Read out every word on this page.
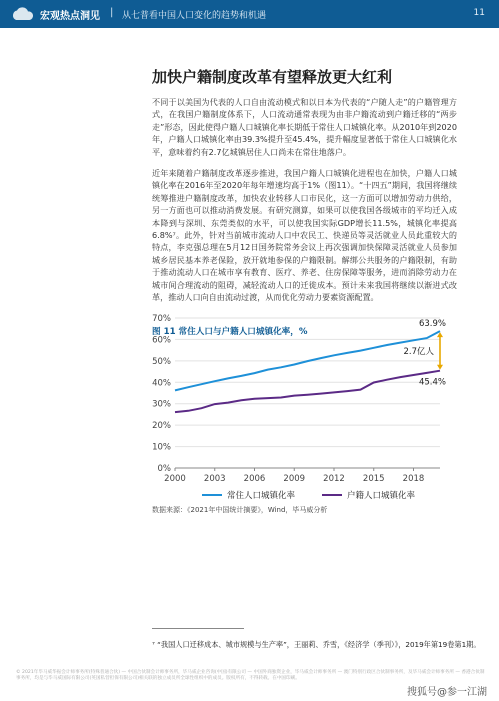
宏观热点洞见 | 从七普看中国人口变化的趋势和机遇	11
加快户籍制度改革有望释放更大红利

不同于以美国为代表的人口自由流动模式和以日本为代表的“户随人走”的户籍管理方式，在我国户籍制度体系下，人口流动通常表现为由非户籍流动到户籍迁移的“两步走”形态，因此使得户籍人口城镇化率长期低于常住人口城镇化率。从2010年到2020年，户籍人口城镇化率由39.3%提升至45.4%，提升幅度显著低于常住人口城镇化水平，意味着约有2.7亿城镇居住人口尚未在常住地落户。

近年来随着户籍制度改革逐步推进，我国户籍人口城镇化进程也在加快，户籍人口城镇化率在2016年至2020年每年增速均高于1%（图11）。“十四五”期间，我国将继续统筹推进户籍制度改革，加快农业转移人口市民化，这一方面可以增加劳动力供给，另一方面也可以推动消费发展。有研究测算，如果可以使我国各级城市的平均迁入成本降到与深圳、东莞类似的水平，可以使我国实际GDP增长11.5%，城镇化率提高6.8%⁷。此外，针对当前城市流动人口中农民工、快递员等灵活就业人员此重较大的特点，李克强总理在5月12日国务院常务会议上再次强调加快保障灵活就业人员参加城乡居民基本养老保险，放开就地参保的户籍限制。解绑公共服务的户籍限制，有助于推动流动人口在城市享有教育、医疗、养老、住房保障等服务，进而消除劳动力在城市间合理流动的阻碍，减轻流动人口的迁徙成本。预计未来我国将继续以渐进式改革，推动人口向自由流动过渡，从而优化劳动力要素资源配置。

图 11 常住人口与户籍人口城镇化率，%
0%
10%
20%
30%
40%
50%
60%
70%
2000 2003 2006 2009 2012 2015 2018
63.9%
2.7亿人
45.4%
常住人口城镇化率	户籍人口城镇化率
数据来源：《2021年中国统计摘要》，Wind，毕马威分析
⁷ “我国人口迁移成本、城市规模与生产率”，王丽莉、乔雪，《经济学（季刊）》，2019年第19卷第1期。
© 2021年毕马威华振会计师事务所(特殊普通合伙) — 中国合伙制会计师事务所，毕马威企业咨询(中国)有限公司 — 中国外商独资企业，毕马威会计师事务所 — 澳门特别行政区合伙制事务所，及毕马威会计师事务所 — 香港合伙制事务所，均是与毕马威国际有限公司(英国私营担保有限公司)相关联的独立成员所全球性组织中的成员。版权所有，不得转载。在中国印刷。
搜狐号@参一江湖
